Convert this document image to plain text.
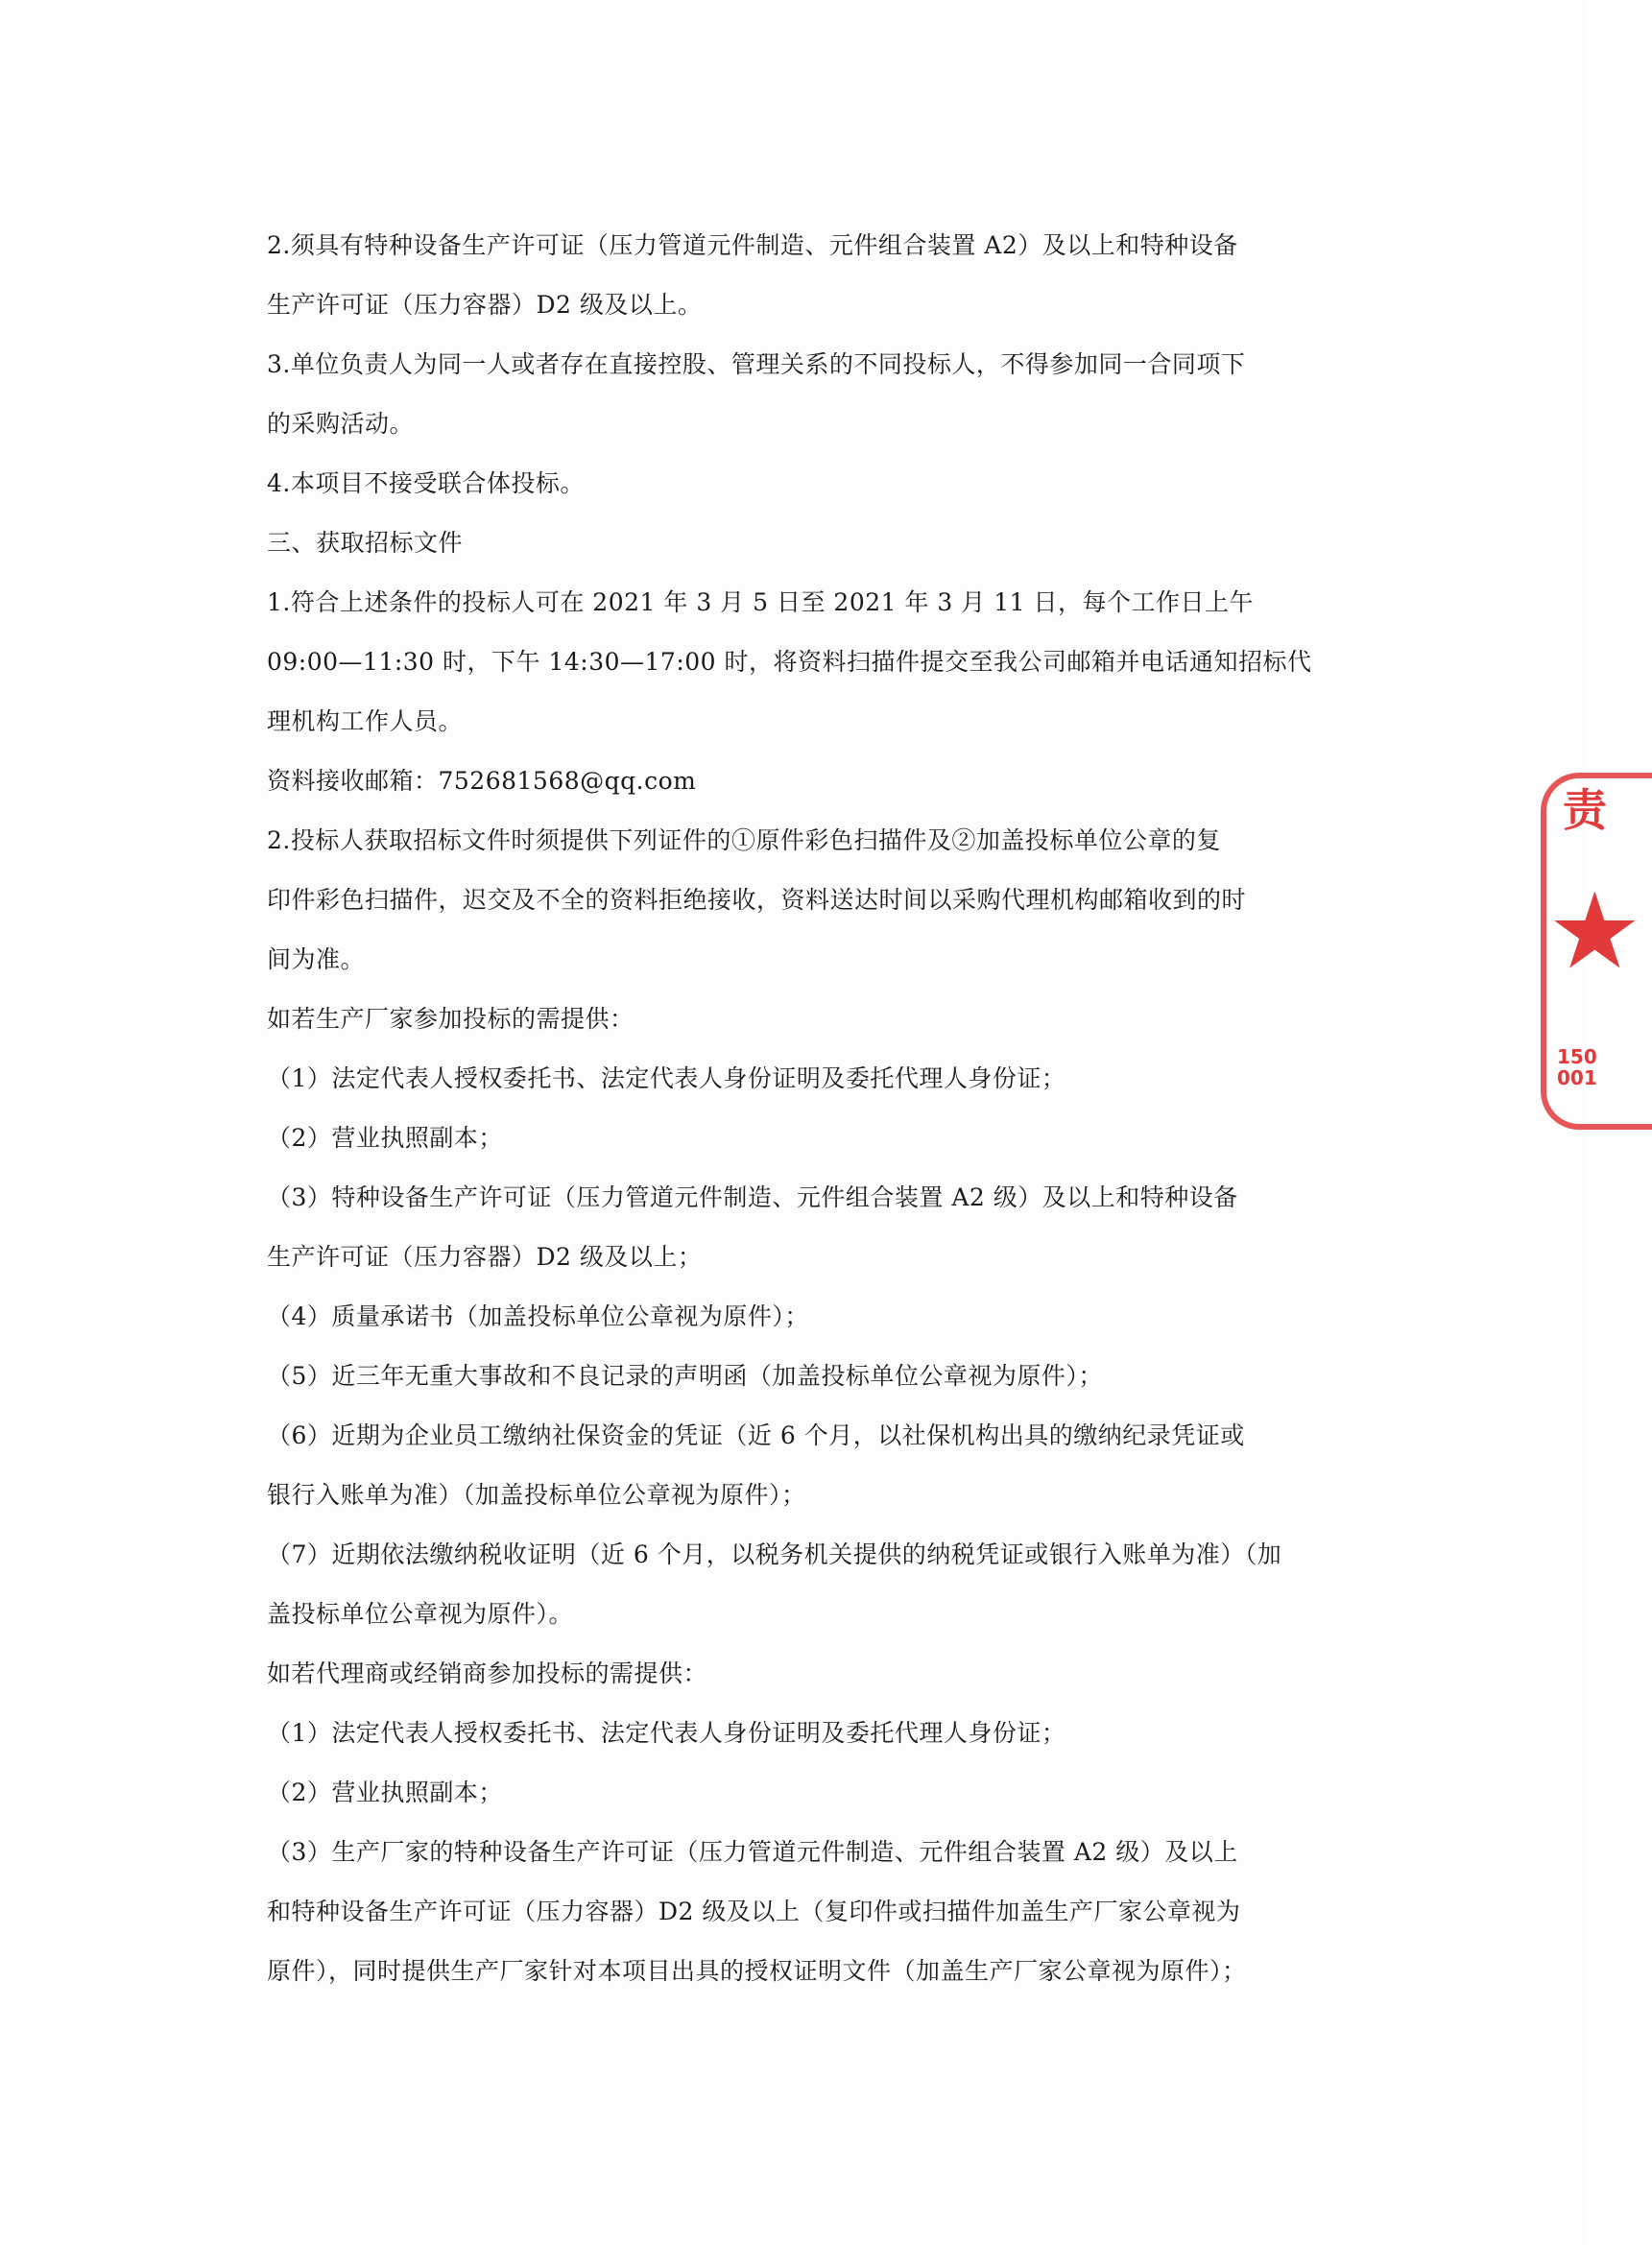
2.须具有特种设备生产许可证（压力管道元件制造、元件组合装置 A2）及以上和特种设备
生产许可证（压力容器）D2 级及以上。
3.单位负责人为同一人或者存在直接控股、管理关系的不同投标人，不得参加同一合同项下
的采购活动。
4.本项目不接受联合体投标。
三、获取招标文件
1.符合上述条件的投标人可在 2021 年 3 月 5 日至 2021 年 3 月 11 日，每个工作日上午
09:00—11:30 时，下午 14:30—17:00 时，将资料扫描件提交至我公司邮箱并电话通知招标代
理机构工作人员。
资料接收邮箱：752681568@qq.com
2.投标人获取招标文件时须提供下列证件的①原件彩色扫描件及②加盖投标单位公章的复
印件彩色扫描件，迟交及不全的资料拒绝接收，资料送达时间以采购代理机构邮箱收到的时
间为准。
如若生产厂家参加投标的需提供：
（1）法定代表人授权委托书、法定代表人身份证明及委托代理人身份证；
（2）营业执照副本；
（3）特种设备生产许可证（压力管道元件制造、元件组合装置 A2 级）及以上和特种设备
生产许可证（压力容器）D2 级及以上；
（4）质量承诺书（加盖投标单位公章视为原件）；
（5）近三年无重大事故和不良记录的声明函（加盖投标单位公章视为原件）；
（6）近期为企业员工缴纳社保资金的凭证（近 6 个月，以社保机构出具的缴纳纪录凭证或
银行入账单为准）（加盖投标单位公章视为原件）；
（7）近期依法缴纳税收证明（近 6 个月，以税务机关提供的纳税凭证或银行入账单为准）（加
盖投标单位公章视为原件）。
如若代理商或经销商参加投标的需提供：
（1）法定代表人授权委托书、法定代表人身份证明及委托代理人身份证；
（2）营业执照副本；
（3）生产厂家的特种设备生产许可证（压力管道元件制造、元件组合装置 A2 级）及以上
和特种设备生产许可证（压力容器）D2 级及以上（复印件或扫描件加盖生产厂家公章视为
原件），同时提供生产厂家针对本项目出具的授权证明文件（加盖生产厂家公章视为原件）；
责
★
150
001
